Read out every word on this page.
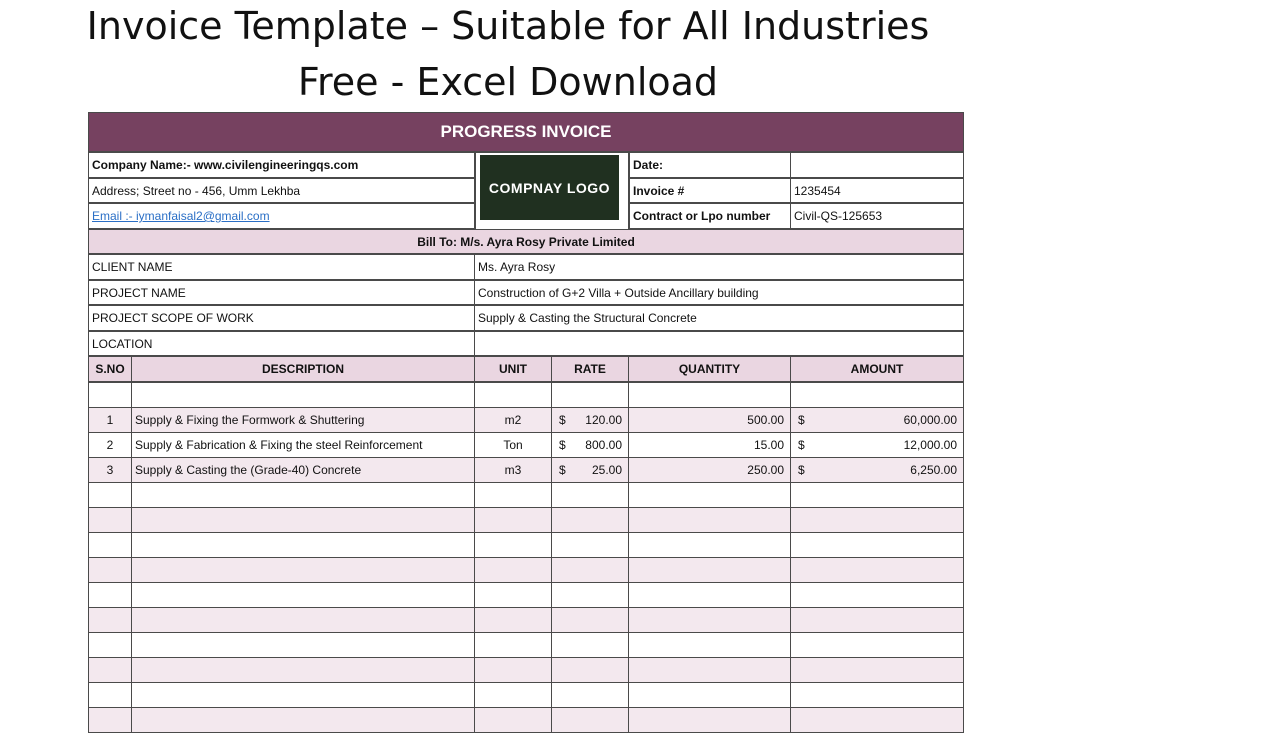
Invoice Template – Suitable for All Industries
Free - Excel Download
PROGRESS INVOICE
Company Name:- www.civilengineeringqs.com
Address; Street no - 456, Umm Lekhba
Email :- iymanfaisal2@gmail.com
COMPNAY LOGO
Date:
Invoice #	1235454
Contract or Lpo number	Civil-QS-125653
Bill To: M/s. Ayra Rosy Private Limited
CLIENT NAME	Ms. Ayra Rosy
PROJECT NAME	Construction of G+2 Villa + Outside Ancillary building
PROJECT SCOPE OF WORK	Supply & Casting the Structural Concrete
LOCATION
S.NO	DESCRIPTION	UNIT	RATE	QUANTITY	AMOUNT
1	Supply & Fixing the Formwork & Shuttering	m2	$ 120.00	500.00	$	60,000.00
2	Supply & Fabrication & Fixing the steel Reinforcement	Ton	$ 800.00	15.00	$	12,000.00
3	Supply & Casting the (Grade-40) Concrete	m3	$ 25.00	250.00	$	6,250.00
